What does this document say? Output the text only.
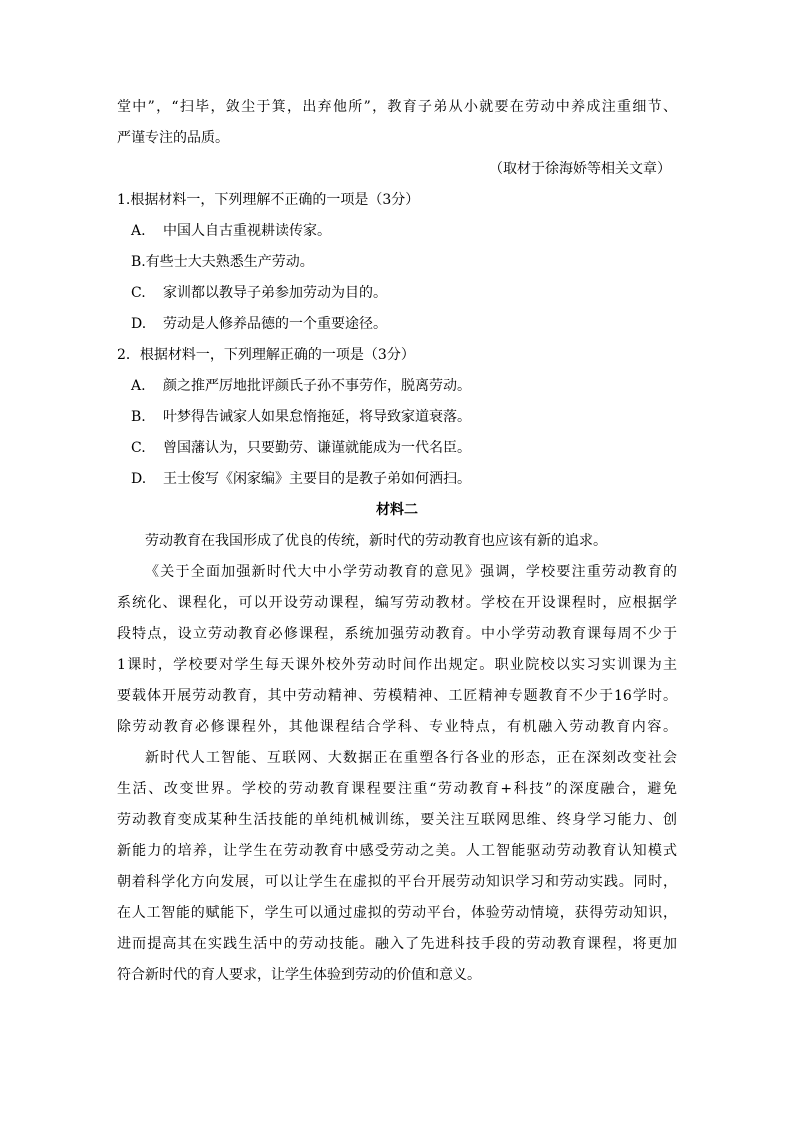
堂中”，“扫毕，敛尘于箕，出弃他所”，教育子弟从小就要在劳动中养成注重细节、
严谨专注的品质。
（取材于徐海娇等相关文章）
1.根据材料一，下列理解不正确的一项是（3分）
A. 中国人自古重视耕读传家。
B.有些士大夫熟悉生产劳动。
C. 家训都以教导子弟参加劳动为目的。
D. 劳动是人修养品德的一个重要途径。
2．根据材料一，下列理解正确的一项是（3分）
A. 颜之推严厉地批评颜氏子孙不事劳作，脱离劳动。
B. 叶梦得告诫家人如果怠惰拖延，将导致家道衰落。
C. 曾国藩认为，只要勤劳、谦谨就能成为一代名臣。
D. 王士俊写《闲家编》主要目的是教子弟如何洒扫。
材料二
劳动教育在我国形成了优良的传统，新时代的劳动教育也应该有新的追求。

《关于全面加强新时代大中小学劳动教育的意见》强调，学校要注重劳动教育的

系统化、课程化，可以开设劳动课程，编写劳动教材。学校在开设课程时，应根据学

段特点，设立劳动教育必修课程，系统加强劳动教育。中小学劳动教育课每周不少于

1课时，学校要对学生每天课外校外劳动时间作出规定。职业院校以实习实训课为主

要载体开展劳动教育，其中劳动精神、劳模精神、工匠精神专题教育不少于16学时。

除劳动教育必修课程外，其他课程结合学科、专业特点，有机融入劳动教育内容。

新时代人工智能、互联网、大数据正在重塑各行各业的形态，正在深刻改变社会

生活、改变世界。学校的劳动教育课程要注重“劳动教育+科技”的深度融合，避免

劳动教育变成某种生活技能的单纯机械训练，要关注互联网思维、终身学习能力、创

新能力的培养，让学生在劳动教育中感受劳动之美。人工智能驱动劳动教育认知模式

朝着科学化方向发展，可以让学生在虚拟的平台开展劳动知识学习和劳动实践。同时，

在人工智能的赋能下，学生可以通过虚拟的劳动平台，体验劳动情境，获得劳动知识，

进而提高其在实践生活中的劳动技能。融入了先进科技手段的劳动教育课程，将更加

符合新时代的育人要求，让学生体验到劳动的价值和意义。
